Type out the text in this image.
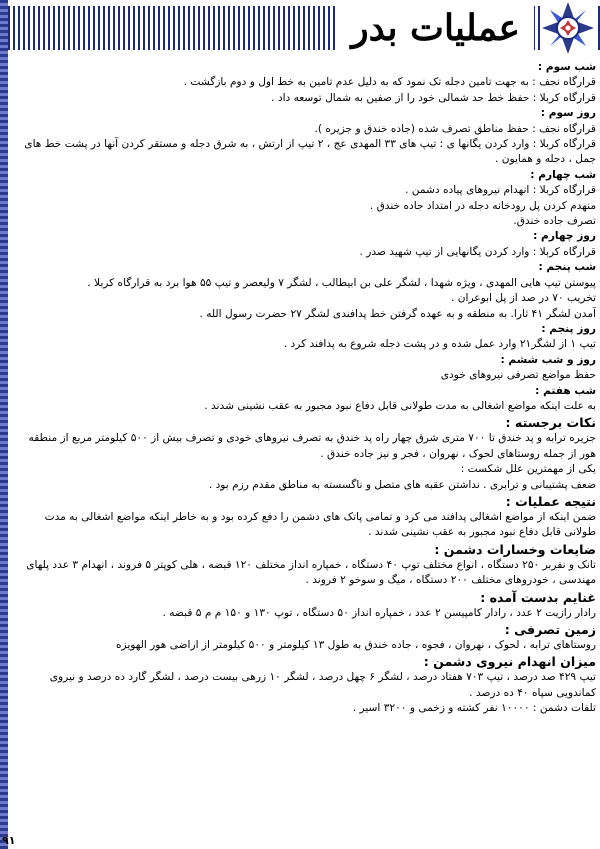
عملیات بدر

شب سوم :

قرارگاه نجف : به جهت تامین دجله تک نمود که به دلیل عدم تامین به خط اول و دوم بازگشت .

قرارگاه کربلا : حفظ خط حد شمالی خود را از صفین به شمال توسعه داد .

روز سوم :

قرارگاه نجف : حفظ مناطق تصرف شده (جاده خندق و جزیره ).

قرارگاه کربلا : وارد کردن یگانها ی : تیپ های ۳۳ المهدی عج ، ۲ تیپ از ارتش ، به شرق دجله و مستقر کردن آنها در پشت خط های جمل ، دجله و همایون .

شب چهارم :

قرارگاه کربلا : انهدام نیروهای پیاده دشمن .

منهدم کردن پل رودخانه دجله در امتداد جاده خندق .

تصرف جاده خندق.

روز چهارم :

قرارگاه کربلا : وارد کردن یگانهایی از تیپ شهید صدر .

شب پنجم :

پیوستن تیپ هایی المهدی ، ویژه شهدا ، لشگر علی بن ابیطالب ، لشگر ۷ ولیعصر و تیپ ۵۵ هوا برد به قرارگاه کربلا .

تخریب ۷۰ در صد از پل ابوعران .

آمدن لشگر ۴۱ ثارا. به منطقه و به عهده گرفتن خط پدافندی لشگر ۲۷ حضرت رسول الله .

روز پنجم :

تیپ ۱ از لشگر۲۱ وارد عمل شده و در پشت دجله شروع به پدافند کرد .

روز و شب ششم :

حفظ مواضع تصرفی نیروهای خودی

شب هفتم :

به علت اینکه مواضع اشغالی به مدت طولانی قابل دفاع نبود مجبور به عقب نشینی شدند .

نکات برجسته :

جزیره ترابه و پد خندق تا ۷۰۰ متری شرق چهار راه پد خندق به تصرف نیروهای خودی و تصرف بیش از ۵۰۰ کیلومتر مربع از منطقه هور از جمله روستاهای لحوک ، نهروان ، فجر و نیز جاده خندق .

یکی از مهمترین علل شکست :

ضعف پشتیبانی و ترابری . نداشتن عقبه های متصل و ناگسسته به مناطق مقدم رزم بود .

نتیجه عملیات :

ضمن اینکه از مواضع اشغالی پدافند می کرد و تمامی پاتک های دشمن را دفع کرده بود و به خاطر اینکه مواضع اشغالی به مدت طولانی قابل دفاع نبود مجبور به عقب نشینی شدند .

ضایعات وخسارات دشمن :

تانک و نفربر ۲۵۰ دستگاه ، انواع مختلف توپ ۴۰ دستگاه ، خمپاره انداز مختلف ۱۲۰ قبضه ، هلی کوپتر ۵ فروند ، انهدام ۳ عدد پلهای مهندسی ، خودروهای مختلف ۲۰۰ دستگاه ، میگ و سوخو ۲ فروند .

غنایم بدست آمده :

رادار رازیت ۲ عدد ، رادار کامپیسن ۲ عدد ، خمپاره انداز ۵۰ دستگاه ، توپ ۱۳۰ و ۱۵۰ م م ۵ قبضه .

زمین تصرفی :

روستاهای ترابه ، لحوک ، نهروان ، فجوه ، جاده خندق به طول ۱۳ کیلومتر و ۵۰۰ کیلومتر از اراضی هور الهویزه

میزان انهدام نیروی دشمن :

تیپ ۴۲۹ صد درصد ، تیپ ۷۰۳ هفتاد درصد ، لشگر ۶ چهل درصد ، لشگر ۱۰ زرهی بیست درصد ، لشگر گارد ده درصد و نیروی کماندویی سپاه ۴۰ ده درصد .

تلفات دشمن : ۱۰۰۰۰ نفر کشته و زخمی و ۳۲۰۰ اسیر .

۹۱
